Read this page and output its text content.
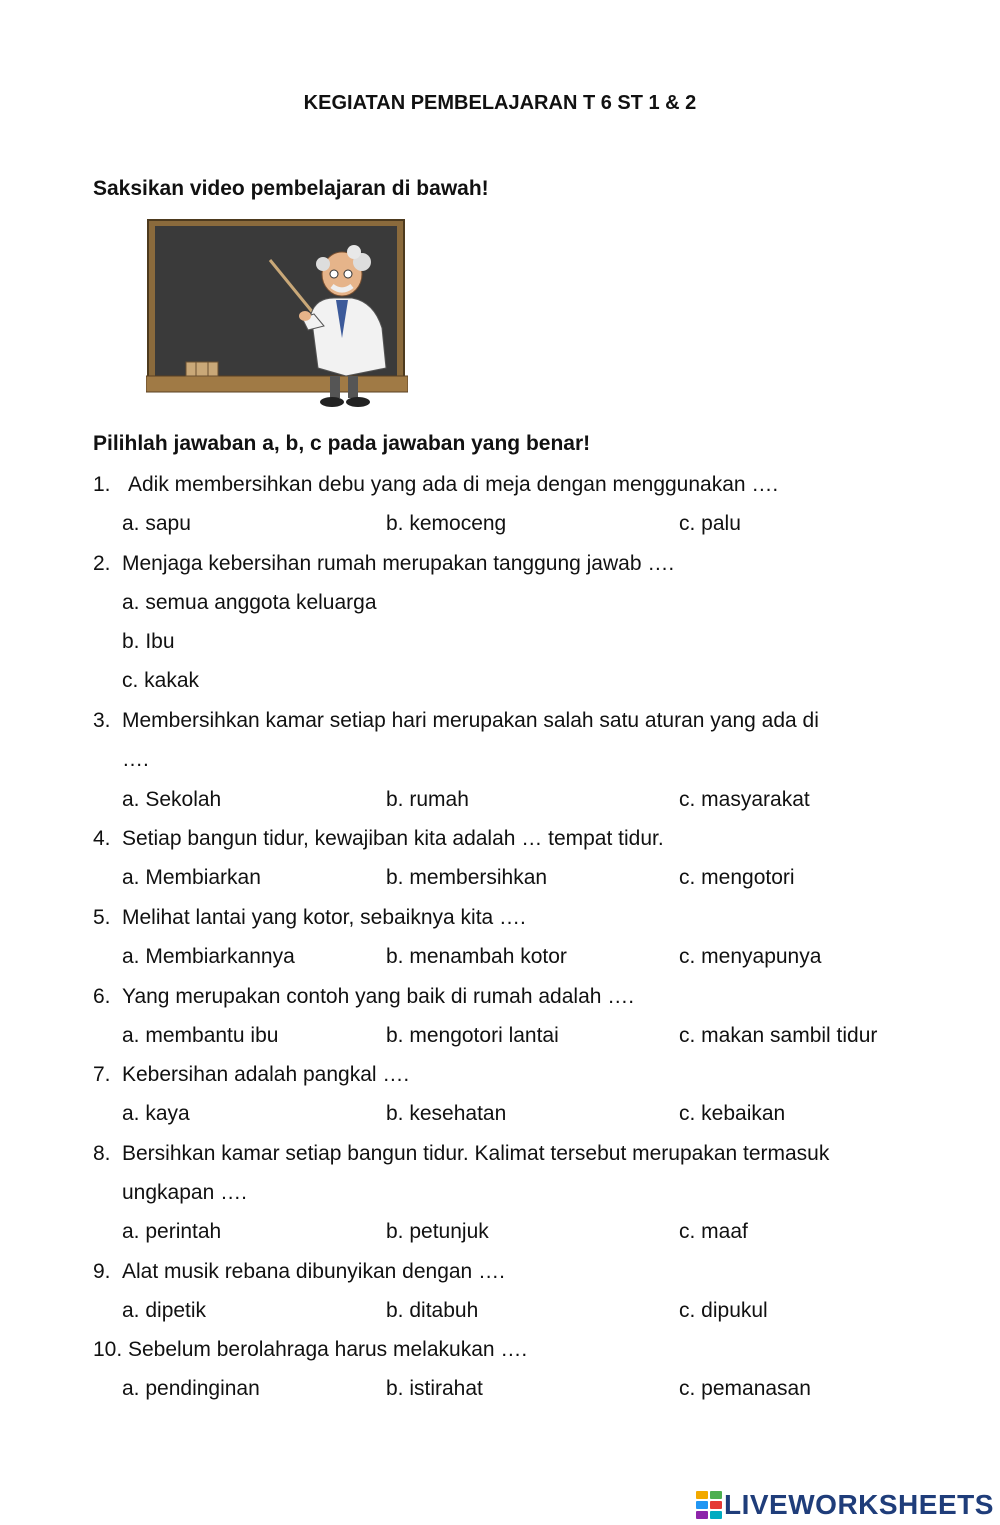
KEGIATAN PEMBELAJARAN T 6 ST 1 & 2
Saksikan video pembelajaran di bawah!
Pilihlah jawaban a, b, c pada jawaban yang benar!
1. Adik membersihkan debu yang ada di meja dengan menggunakan ….
a. sapu	b. kemoceng	c. palu
2. Menjaga kebersihan rumah merupakan tanggung jawab ….
a. semua anggota keluarga
b. Ibu
c. kakak
3. Membersihkan kamar setiap hari merupakan salah satu aturan yang ada di
….
a. Sekolah	b. rumah	c. masyarakat
4. Setiap bangun tidur, kewajiban kita adalah … tempat tidur.
a. Membiarkan	b. membersihkan	c. mengotori
5. Melihat lantai yang kotor, sebaiknya kita ….
a. Membiarkannya	b. menambah kotor	c. menyapunya
6. Yang merupakan contoh yang baik di rumah adalah ….
a. membantu ibu	b. mengotori lantai	c. makan sambil tidur
7. Kebersihan adalah pangkal ….
a. kaya	b. kesehatan	c. kebaikan
8. Bersihkan kamar setiap bangun tidur. Kalimat tersebut merupakan termasuk
ungkapan ….
a. perintah	b. petunjuk	c. maaf
9. Alat musik rebana dibunyikan dengan ….
a. dipetik	b. ditabuh	c. dipukul
10. Sebelum berolahraga harus melakukan ….
a. pendinginan	b. istirahat	c. pemanasan
LIVEWORKSHEETS
